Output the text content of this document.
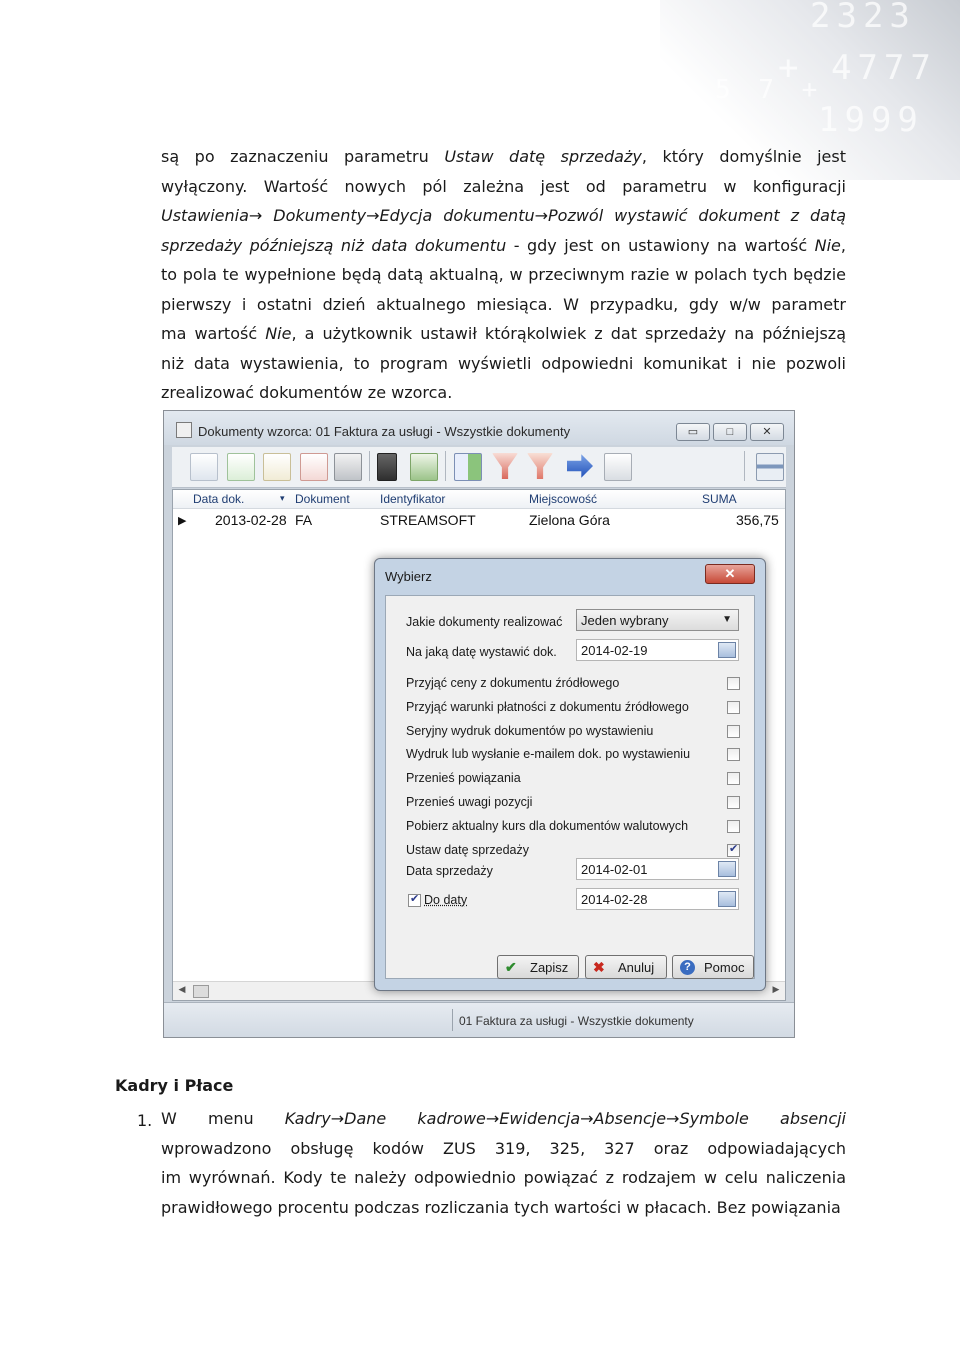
2323
+ 4777
5 7 +
1999
są po zaznaczeniu parametru Ustaw datę sprzedaży, który domyślnie jest
wyłączony. Wartość nowych pól zależna jest od parametru w konfiguracji
Ustawienia→ Dokumenty→Edycja dokumentu→Pozwól wystawić dokument z datą
sprzedaży późniejszą niż data dokumentu - gdy jest on ustawiony na wartość Nie,
to pola te wypełnione będą datą aktualną, w przeciwnym razie w polach tych będzie
pierwszy i ostatni dzień aktualnego miesiąca. W przypadku, gdy w/w parametr
ma wartość Nie, a użytkownik ustawił którąkolwiek z dat sprzedaży na późniejszą
niż data wystawienia, to program wyświetli odpowiedni komunikat i nie pozwoli
zrealizować dokumentów ze wzorca.
Dokumenty wzorca: 01 Faktura za usługi - Wszystkie dokumenty	▭	□	✕
Data dok.	▾ Dokument	Identyfikator	Miejscowość	SUMA
▶ 2013-02-28 FA	STREAMSOFT	Zielona Góra	356,75
◀	▶
01 Faktura za usługi - Wszystkie dokumenty
Wybierz	✕
Jakie dokumenty realizować Jeden wybrany	▼
Na jaką datę wystawić dok. 2014-02-19
Przyjąć ceny z dokumentu źródłowego
Przyjąć warunki płatności z dokumentu źródłowego
Seryjny wydruk dokumentów po wystawieniu
Wydruk lub wysłanie e-mailem dok. po wystawieniu
Przenieś powiązania
Przenieś uwagi pozycji
Pobierz aktualny kurs dla dokumentów walutowych
Ustaw datę sprzedaży
✔
Data sprzedaży	2014-02-01
✔
Do daty	2014-02-28
✔ Zapisz ✖ Anuluj	?	Pomoc
Kadry i Płace
1. W menu Kadry→Dane kadrowe→Ewidencja→Absencje→Symbole absencji
wprowadzono obsługę kodów ZUS 319, 325, 327 oraz odpowiadających
im wyrównań. Kody te należy odpowiednio powiązać z rodzajem w celu naliczenia
prawidłowego procentu podczas rozliczania tych wartości w płacach. Bez powiązania
